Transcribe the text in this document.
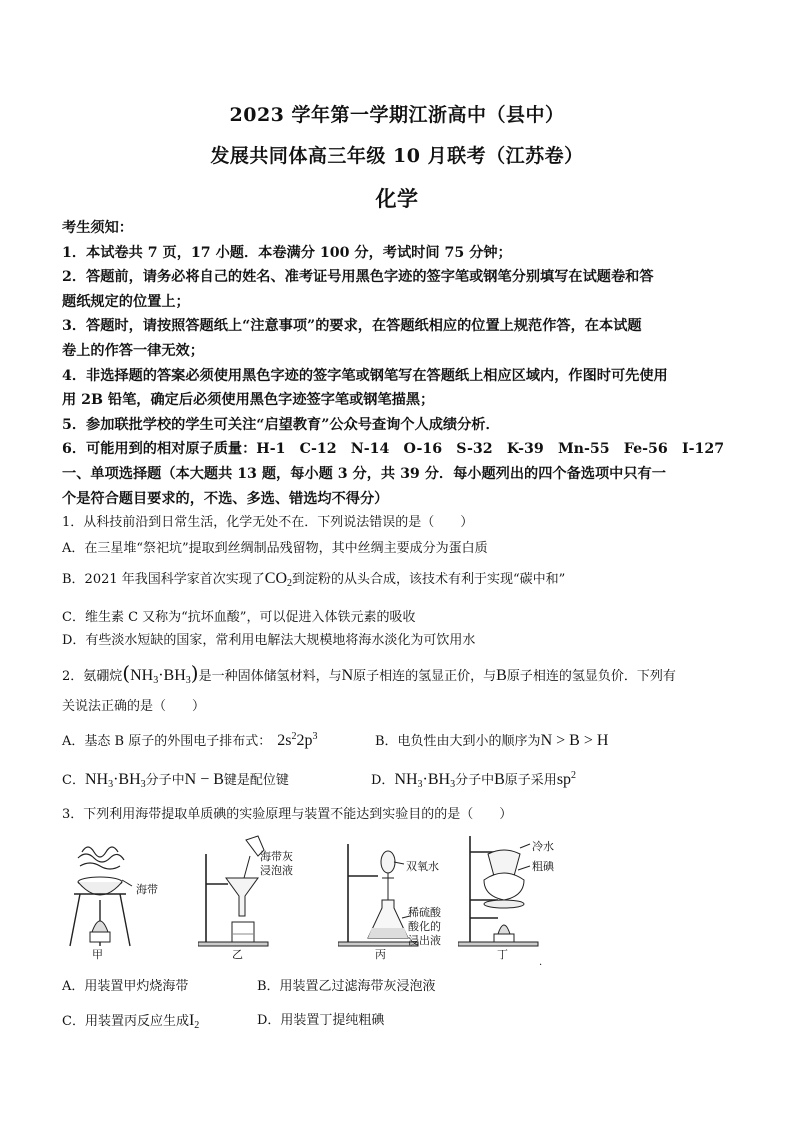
2023 学年第一学期江浙高中（县中）
发展共同体高三年级 10 月联考（江苏卷）
化学
考生须知：
1．本试卷共 7 页，17 小题．本卷满分 100 分，考试时间 75 分钟；
2．答题前，请务必将自己的姓名、准考证号用黑色字迹的签字笔或钢笔分别填写在试题卷和答
题纸规定的位置上；
3．答题时，请按照答题纸上“注意事项”的要求，在答题纸相应的位置上规范作答，在本试题
卷上的作答一律无效；
4．非选择题的答案必须使用黑色字迹的签字笔或钢笔写在答题纸上相应区域内，作图时可先使用
用 2B 铅笔，确定后必须使用黑色字迹签字笔或钢笔描黑；
5．参加联批学校的学生可关注“启望教育”公众号查询个人成绩分析．
6．可能用到的相对原子质量：H-1　C-12　N-14　O-16　S-32　K-39　Mn-55　Fe-56　I-127
一、单项选择题（本大题共 13 题，每小题 3 分，共 39 分．每小题列出的四个备选项中只有一
个是符合题目要求的，不选、多选、错选均不得分）
1．从科技前沿到日常生活，化学无处不在．下列说法错误的是（　　）
A．在三星堆“祭祀坑”提取到丝绸制品残留物，其中丝绸主要成分为蛋白质
B．2021 年我国科学家首次实现了$CO_2$到淀粉的从头合成，该技术有利于实现“碳中和”
C．维生素 C 又称为“抗坏血酸”，可以促进入体铁元素的吸收
D．有些淡水短缺的国家，常利用电解法大规模地将海水淡化为可饮用水
2．氨硼烷$(NH_3\cdot BH_3)$是一种固体储氢材料，与N原子相连的氢显正价，与B原子相连的氢显负价．下列有
关说法正确的是（　　）
A．基态 B 原子的外围电子排布式： $2s^22p^3$	B．电负性由大到小的顺序为N > B > H
C．$NH_3\cdot BH_3$分子中N − B键是配位键	D．$NH_3\cdot BH_3$分子中B原子采用$sp^2$
3．下列利用海带提取单质碘的实验原理与装置不能达到实验目的的是（　　）
海带
甲
海带灰
浸泡液
乙
双氧水
稀硫酸
酸化的
浸出液
丙
冷水
粗碘
丁
.
A．用装置甲灼烧海带	B．用装置乙过滤海带灰浸泡液
C．用装置丙反应生成$I_2$	D．用装置丁提纯粗碘
